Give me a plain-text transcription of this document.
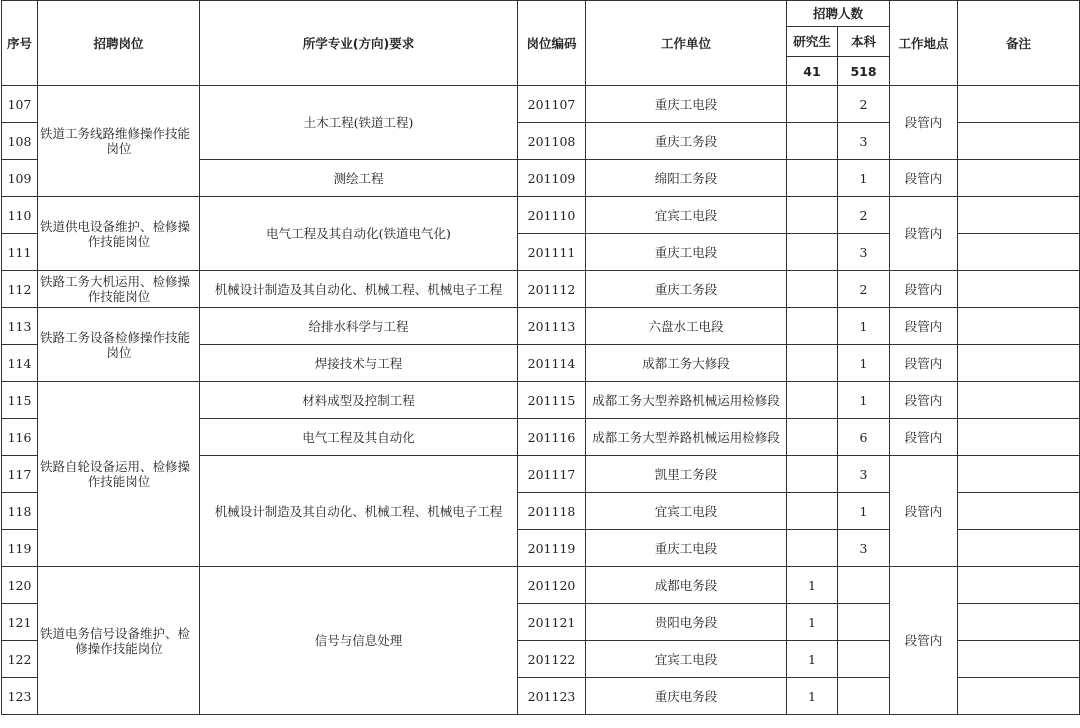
序号	招聘岗位	所学专业(方向)要求	岗位编码	工作单位	招聘人数		工作地点	备注
					研究生	本科		
					41	518		
107	铁道工务线路维修操作技能岗位	土木工程(铁道工程)	201107	重庆工电段		2	段管内	
108			201108	重庆工务段		3		
109		测绘工程	201109	绵阳工务段		1	段管内	
110	铁道供电设备维护、检修操作技能岗位	电气工程及其自动化(铁道电气化)	201110	宜宾工电段		2	段管内	
111			201111	重庆工电段		3		
112	铁路工务大机运用、检修操作技能岗位	机械设计制造及其自动化、机械工程、机械电子工程	201112	重庆工务段		2	段管内	
113	铁路工务设备检修操作技能岗位	给排水科学与工程	201113	六盘水工电段		1	段管内	
114		焊接技术与工程	201114	成都工务大修段		1	段管内	
115	铁路自轮设备运用、检修操作技能岗位	材料成型及控制工程	201115	成都工务大型养路机械运用检修段		1	段管内	
116		电气工程及其自动化	201116	成都工务大型养路机械运用检修段		6	段管内	
117		机械设计制造及其自动化、机械工程、机械电子工程	201117	凯里工务段		3	段管内	
118			201118	宜宾工电段		1		
119			201119	重庆工电段		3		
120	铁道电务信号设备维护、检修操作技能岗位	信号与信息处理	201120	成都电务段	1		段管内	
121			201121	贵阳电务段	1			
122			201122	宜宾工电段	1			
123			201123	重庆电务段	1			
